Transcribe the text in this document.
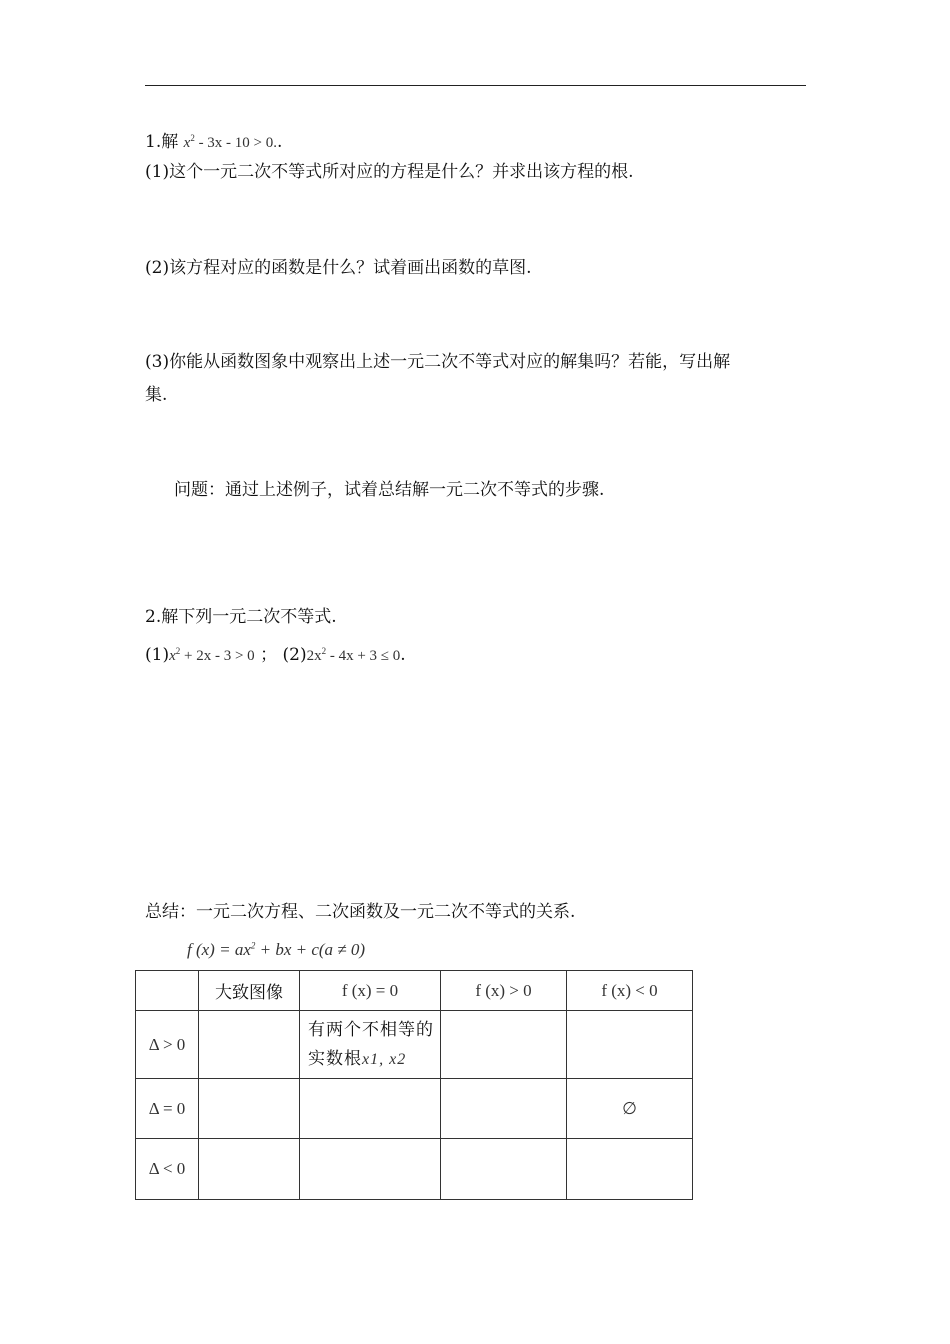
1.解 $x^2 - 3x - 10 > 0$..
(1)这个一元二次不等式所对应的方程是什么？并求出该方程的根.
(2)该方程对应的函数是什么？试着画出函数的草图.
(3)你能从函数图象中观察出上述一元二次不等式对应的解集吗？若能，写出解
集.
问题：通过上述例子，试着总结解一元二次不等式的步骤.
2.解下列一元二次不等式.
$(1)x^2 + 2x - 3 > 0$ ； $(2)2x^2 - 4x + 3 \le 0$.
总结：一元二次方程、二次函数及一元二次不等式的关系.
f $(x) = ax^2$ + bx + c(a ≠ 0)
	大致图像	f (x) = 0	f (x) > 0	f (x) < 0
Δ > 0		有两个不相等的实数根x1, x2		

Δ = 0				∅
Δ < 0				
